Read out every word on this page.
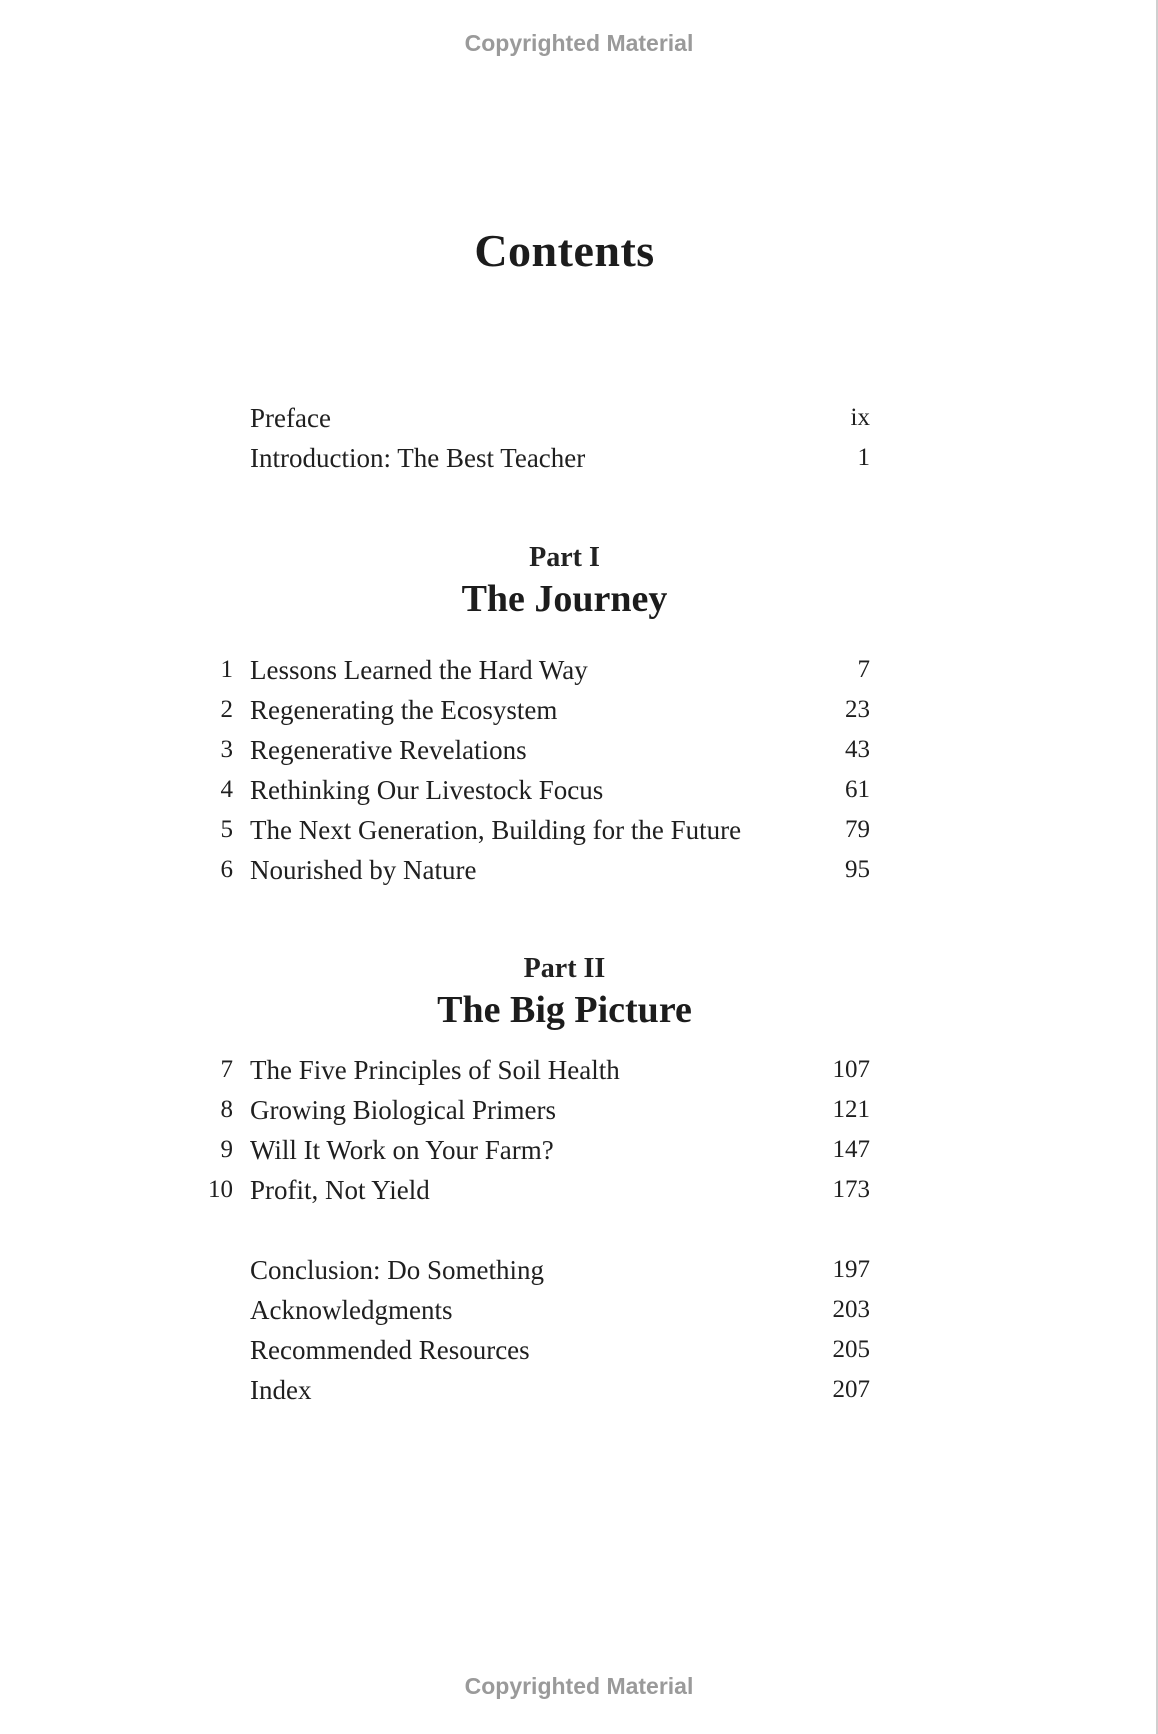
Copyrighted Material
Contents
Preface	ix
Introduction: The Best Teacher	1
Part I
The Journey
1 Lessons Learned the Hard Way	7
2 Regenerating the Ecosystem	23
3 Regenerative Revelations	43
4 Rethinking Our Livestock Focus	61
5 The Next Generation, Building for the Future	79
6 Nourished by Nature	95
Part II
The Big Picture
7 The Five Principles of Soil Health	107
8 Growing Biological Primers	121
9 Will It Work on Your Farm?	147
10 Profit, Not Yield	173
Conclusion: Do Something	197
Acknowledgments	203
Recommended Resources	205
Index	207
Copyrighted Material
